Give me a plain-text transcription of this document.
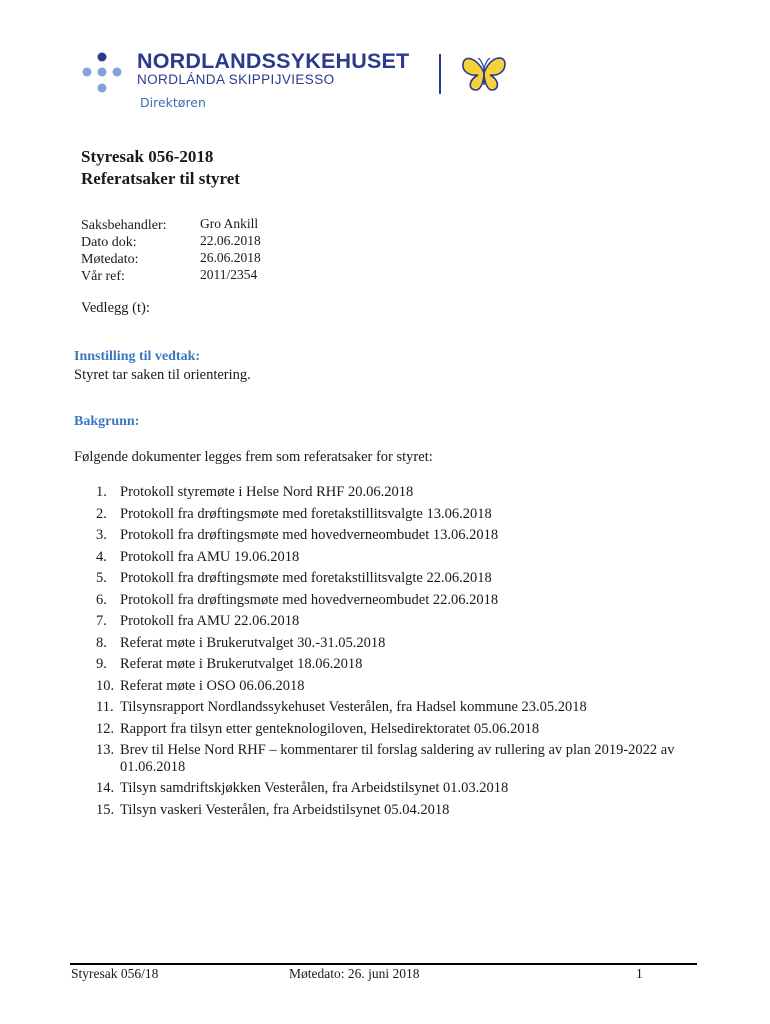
NORDLANDSSYKEHUSET
NORDLÁNDA SKIPPIJVIESSO
Direktøren
Styresak 056-2018
Referatsaker til styret
Saksbehandler:
Dato dok:
Møtedato:
Vår ref:
Gro Ankill
22.06.2018
26.06.2018
2011/2354
Vedlegg (t):
Innstilling til vedtak:
Styret tar saken til orientering.
Bakgrunn:
Følgende dokumenter legges frem som referatsaker for styret:
1. Protokoll styremøte i Helse Nord RHF 20.06.2018
2. Protokoll fra drøftingsmøte med foretakstillitsvalgte 13.06.2018
3. Protokoll fra drøftingsmøte med hovedverneombudet 13.06.2018
4. Protokoll fra AMU 19.06.2018
5. Protokoll fra drøftingsmøte med foretakstillitsvalgte 22.06.2018
6. Protokoll fra drøftingsmøte med hovedverneombudet 22.06.2018
7. Protokoll fra AMU 22.06.2018
8. Referat møte i Brukerutvalget 30.-31.05.2018
9. Referat møte i Brukerutvalget 18.06.2018
10. Referat møte i OSO 06.06.2018
11. Tilsynsrapport Nordlandssykehuset Vesterålen, fra Hadsel kommune 23.05.2018
12. Rapport fra tilsyn etter genteknologiloven, Helsedirektoratet 05.06.2018
13. Brev til Helse Nord RHF – kommentarer til forslag saldering av rullering av plan 2019-2022 av 01.06.2018
14. Tilsyn samdriftskjøkken Vesterålen, fra Arbeidstilsynet 01.03.2018
15. Tilsyn vaskeri Vesterålen, fra Arbeidstilsynet 05.04.2018
Styresak 056/18	Møtedato: 26. juni 2018	1
